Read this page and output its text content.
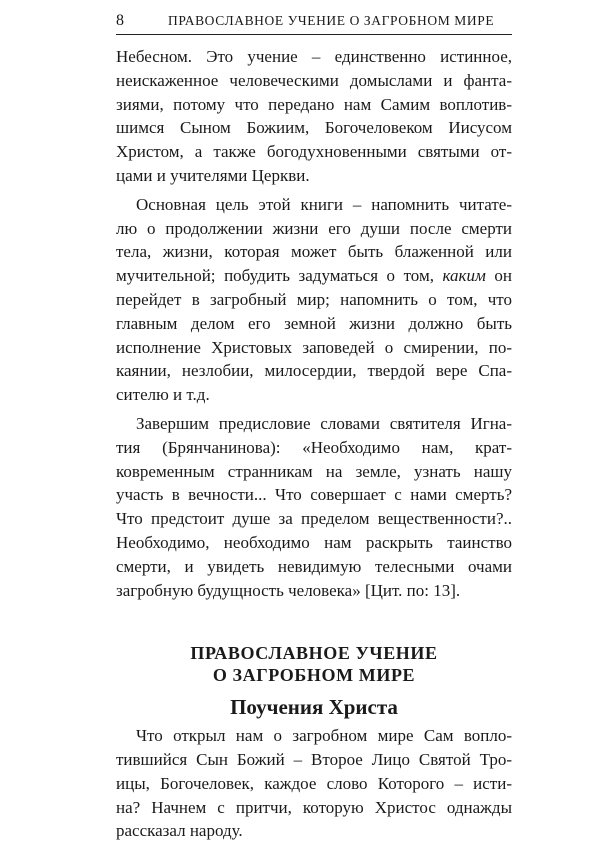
8	ПРАВОСЛАВНОЕ УЧЕНИЕ О ЗАГРОБНОМ МИРЕ

Небесном. Это учение – единственно истинное,
неискаженное человеческими домыслами и фанта-
зиями, потому что передано нам Самим воплотив-
шимся Сыном Божиим, Богочеловеком Иисусом
Христом, а также богодухновенными святыми от-
цами и учителями Церкви.

Основная цель этой книги – напомнить читате-
лю о продолжении жизни его души после смерти
тела, жизни, которая может быть блаженной или
мучительной; побудить задуматься о том, каким он
перейдет в загробный мир; напомнить о том, что
главным делом его земной жизни должно быть
исполнение Христовых заповедей о смирении, по-
каянии, незлобии, милосердии, твердой вере Спа-
сителю и т.д.

Завершим предисловие словами святителя Игна-
тия (Брянчанинова): «Необходимо нам, крат-
ковременным странникам на земле, узнать нашу
участь в вечности... Что совершает с нами смерть?
Что предстоит душе за пределом вещественности?..
Необходимо, необходимо нам раскрыть таинство
смерти, и увидеть невидимую телесными очами
загробную будущность человека» [Цит. по: 13].

ПРАВОСЛАВНОЕ УЧЕНИЕ
О ЗАГРОБНОМ МИРЕ
Поучения Христа

Что открыл нам о загробном мире Сам вопло-
тившийся Сын Божий – Второе Лицо Святой Тро-
ицы, Богочеловек, каждое слово Которого – исти-
на? Начнем с притчи, которую Христос однажды
рассказал народу.
